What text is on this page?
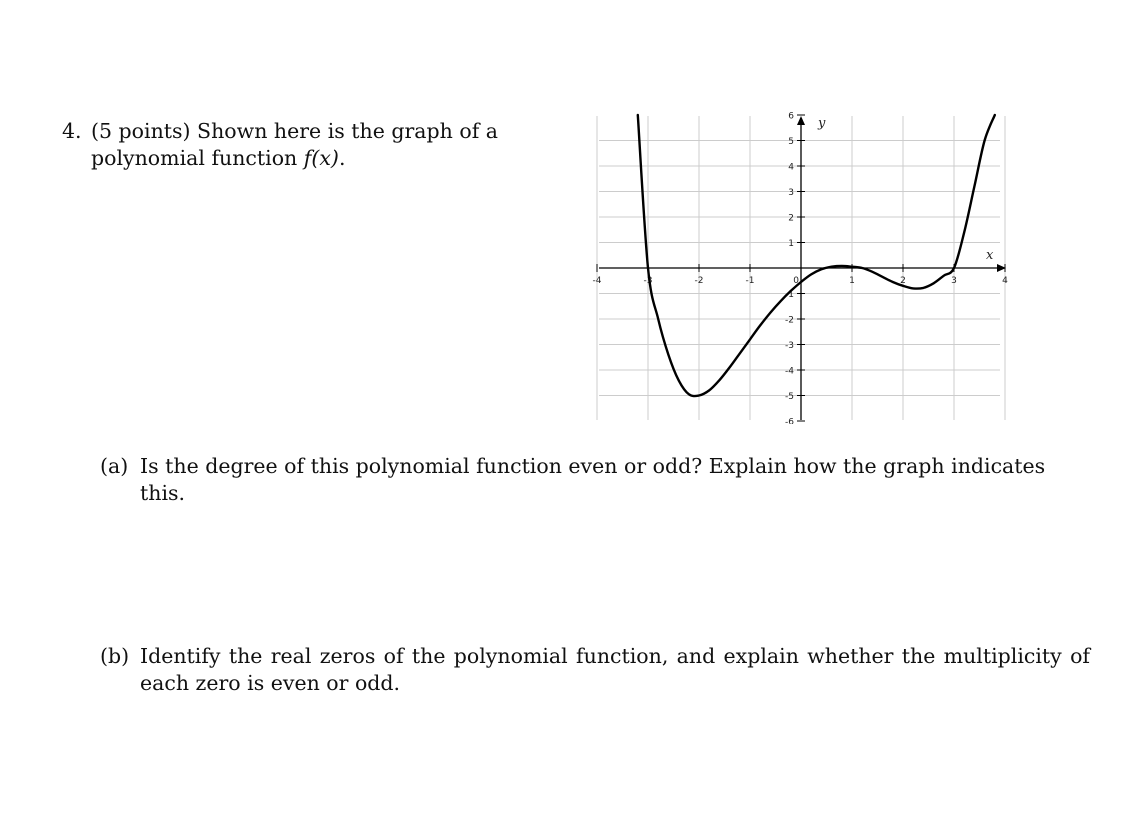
4. (5 points) Shown here is the graph of a polynomial function f(x).
-4	-3	-2	-1	1	2	3	4
-6
-5
-4
-3
-2
-1
1
2
3
4
5
6
x
y
0
(a) Is the degree of this polynomial function even or odd? Explain how the graph indicates this.
(b) Identify the real zeros of the polynomial function, and explain whether the multiplicity of each zero is even or odd.
